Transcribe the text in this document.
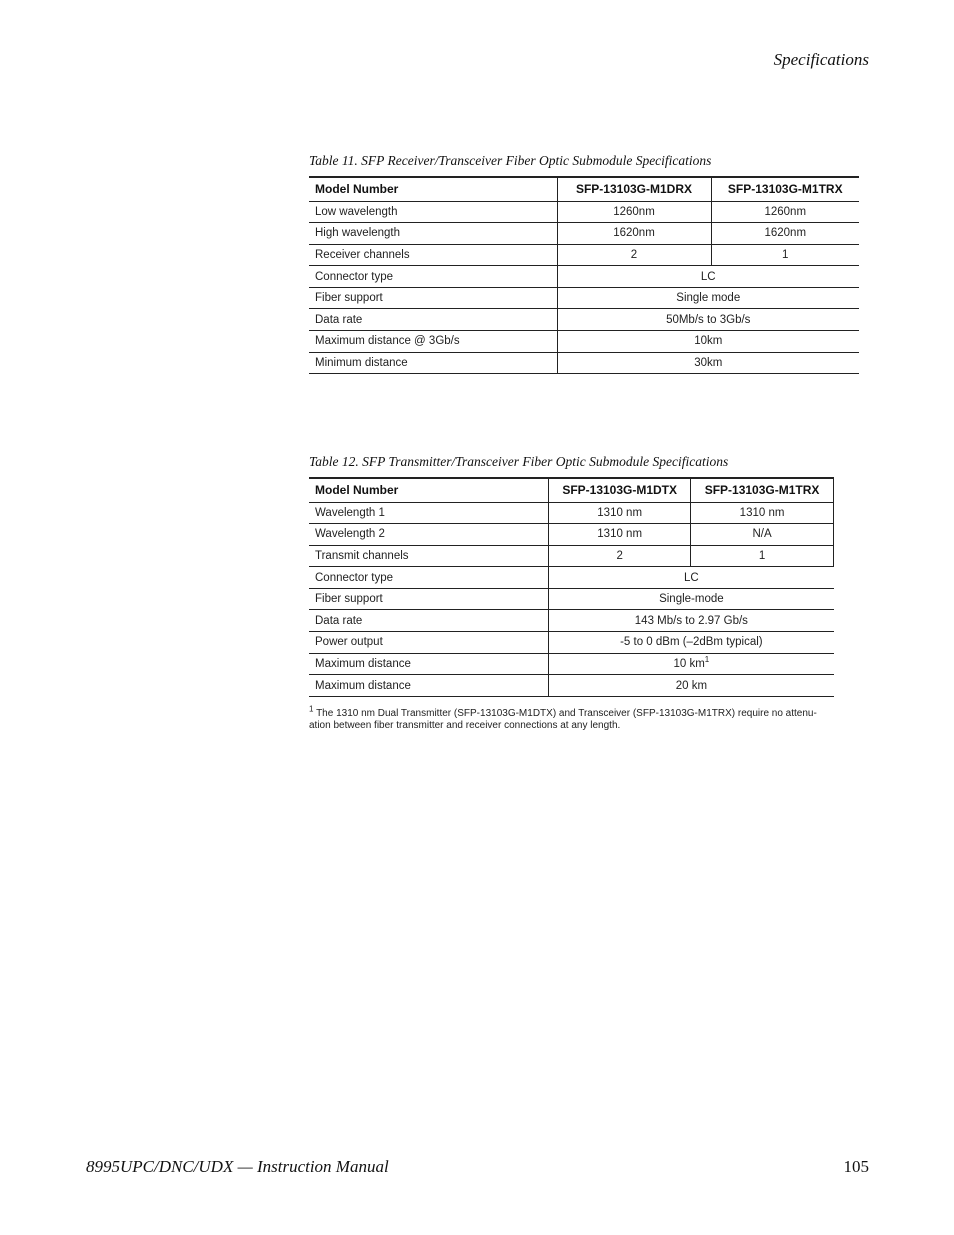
Specifications
Table 11. SFP Receiver/Transceiver Fiber Optic Submodule Specifications
Model Number	SFP-13103G-M1DRX	SFP-13103G-M1TRX
Low wavelength	1260nm	1260nm
High wavelength	1620nm	1620nm
Receiver channels	2	1
Connector type	LC	
Fiber support	Single mode	
Data rate	50Mb/s to 3Gb/s	
Maximum distance @ 3Gb/s	10km	
Minimum distance	30km	
Table 12. SFP Transmitter/Transceiver Fiber Optic Submodule Specifications
Model Number	SFP-13103G-M1DTX	SFP-13103G-M1TRX
Wavelength 1	1310 nm	1310 nm
Wavelength 2	1310 nm	N/A
Transmit channels	2	1
Connector type	LC	
Fiber support	Single-mode	
Data rate	143 Mb/s to 2.97 Gb/s	
Power output	-5 to 0 dBm (–2dBm typical)	
Maximum distance	10 $km^1$
Maximum distance	20 km	
$^1$ The 1310 nm Dual Transmitter (SFP-13103G-M1DTX) and Transceiver (SFP-13103G-M1TRX) require no attenu-ation between fiber transmitter and receiver connections at any length.
8995UPC/DNC/UDX — Instruction Manual	105
